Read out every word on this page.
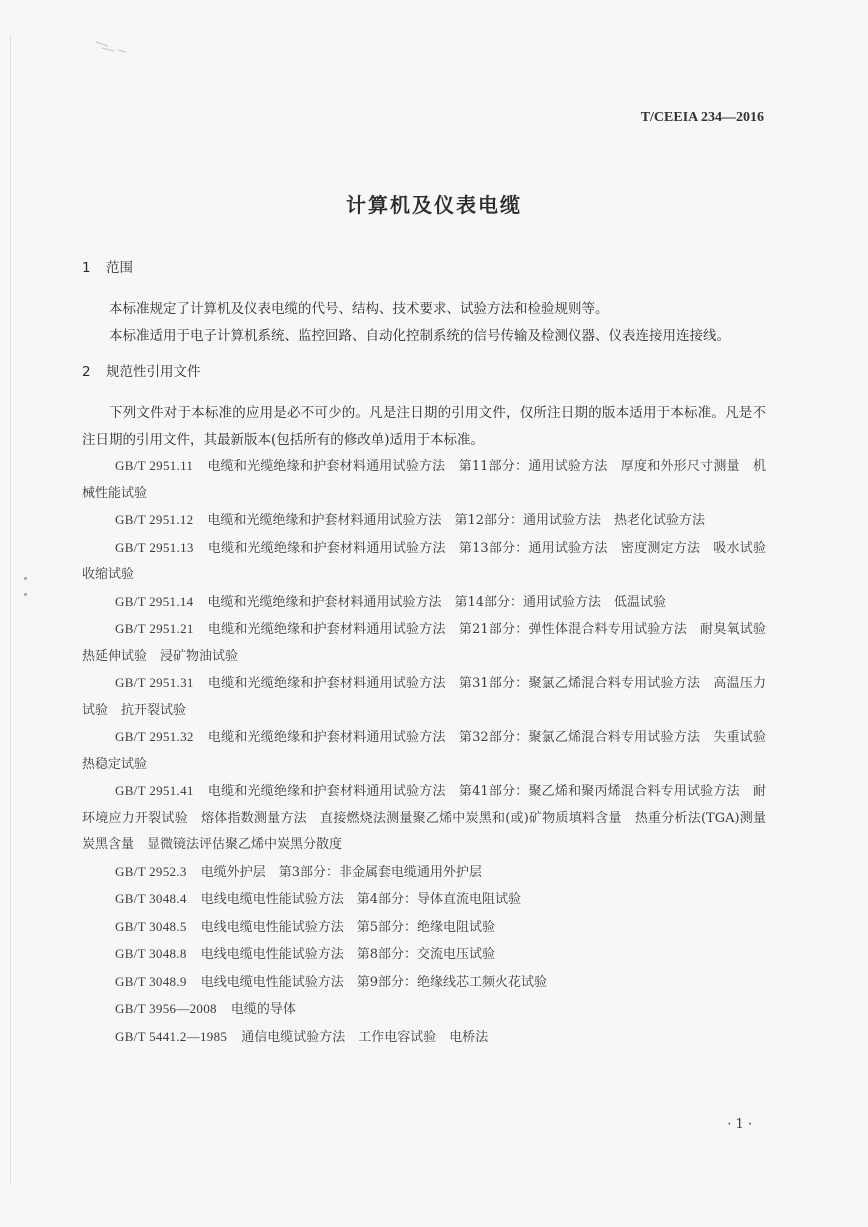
T/CEEIA 234—2016
计算机及仪表电缆

1 范围

本标准规定了计算机及仪表电缆的代号、结构、技术要求、试验方法和检验规则等。

本标准适用于电子计算机系统、监控回路、自动化控制系统的信号传输及检测仪器、仪表连接用连接线。

2 规范性引用文件

下列文件对于本标准的应用是必不可少的。凡是注日期的引用文件，仅所注日期的版本适用于本标准。凡是不注日期的引用文件，其最新版本(包括所有的修改单)适用于本标准。

GB/T 2951.11 电缆和光缆绝缘和护套材料通用试验方法　第11部分：通用试验方法　厚度和外形尺寸测量　机械性能试验

GB/T 2951.12 电缆和光缆绝缘和护套材料通用试验方法　第12部分：通用试验方法　热老化试验方法

GB/T 2951.13 电缆和光缆绝缘和护套材料通用试验方法　第13部分：通用试验方法　密度测定方法　吸水试验　收缩试验

GB/T 2951.14 电缆和光缆绝缘和护套材料通用试验方法　第14部分：通用试验方法　低温试验

GB/T 2951.21 电缆和光缆绝缘和护套材料通用试验方法　第21部分：弹性体混合料专用试验方法　耐臭氧试验　热延伸试验　浸矿物油试验

GB/T 2951.31 电缆和光缆绝缘和护套材料通用试验方法　第31部分：聚氯乙烯混合料专用试验方法　高温压力试验　抗开裂试验

GB/T 2951.32 电缆和光缆绝缘和护套材料通用试验方法　第32部分：聚氯乙烯混合料专用试验方法　失重试验　热稳定试验

GB/T 2951.41 电缆和光缆绝缘和护套材料通用试验方法　第41部分：聚乙烯和聚丙烯混合料专用试验方法　耐环境应力开裂试验　熔体指数测量方法　直接燃烧法测量聚乙烯中炭黑和(或)矿物质填料含量　热重分析法(TGA)测量炭黑含量　显微镜法评估聚乙烯中炭黑分散度

GB/T 2952.3 电缆外护层　第3部分：非金属套电缆通用外护层

GB/T 3048.4 电线电缆电性能试验方法　第4部分：导体直流电阻试验

GB/T 3048.5 电线电缆电性能试验方法　第5部分：绝缘电阻试验

GB/T 3048.8 电线电缆电性能试验方法　第8部分：交流电压试验

GB/T 3048.9 电线电缆电性能试验方法　第9部分：绝缘线芯工频火花试验

GB/T 3956—2008 电缆的导体

GB/T 5441.2—1985 通信电缆试验方法　工作电容试验　电桥法

· 1 ·
